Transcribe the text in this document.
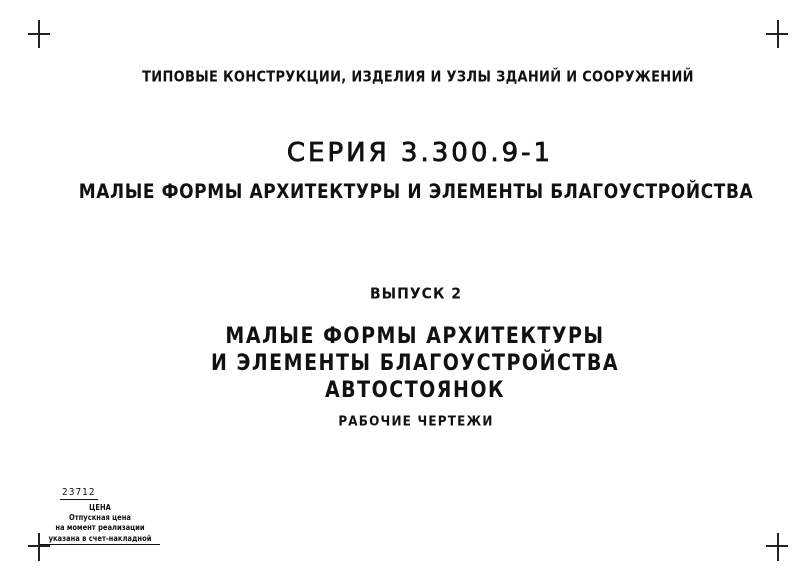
ТИПОВЫЕ КОНСТРУКЦИИ, ИЗДЕЛИЯ И УЗЛЫ ЗДАНИЙ И СООРУЖЕНИЙ
СЕРИЯ 3.300.9-1
МАЛЫЕ ФОРМЫ АРХИТЕКТУРЫ И ЭЛЕМЕНТЫ БЛАГОУСТРОЙСТВА
ВЫПУСК 2
МАЛЫЕ ФОРМЫ АРХИТЕКТУРЫ
И ЭЛЕМЕНТЫ БЛАГОУСТРОЙСТВА
АВТОСТОЯНОК
РАБОЧИЕ ЧЕРТЕЖИ
23712
ЦЕНА
Отпускная цена
на момент реализации
указана в счет-накладной
